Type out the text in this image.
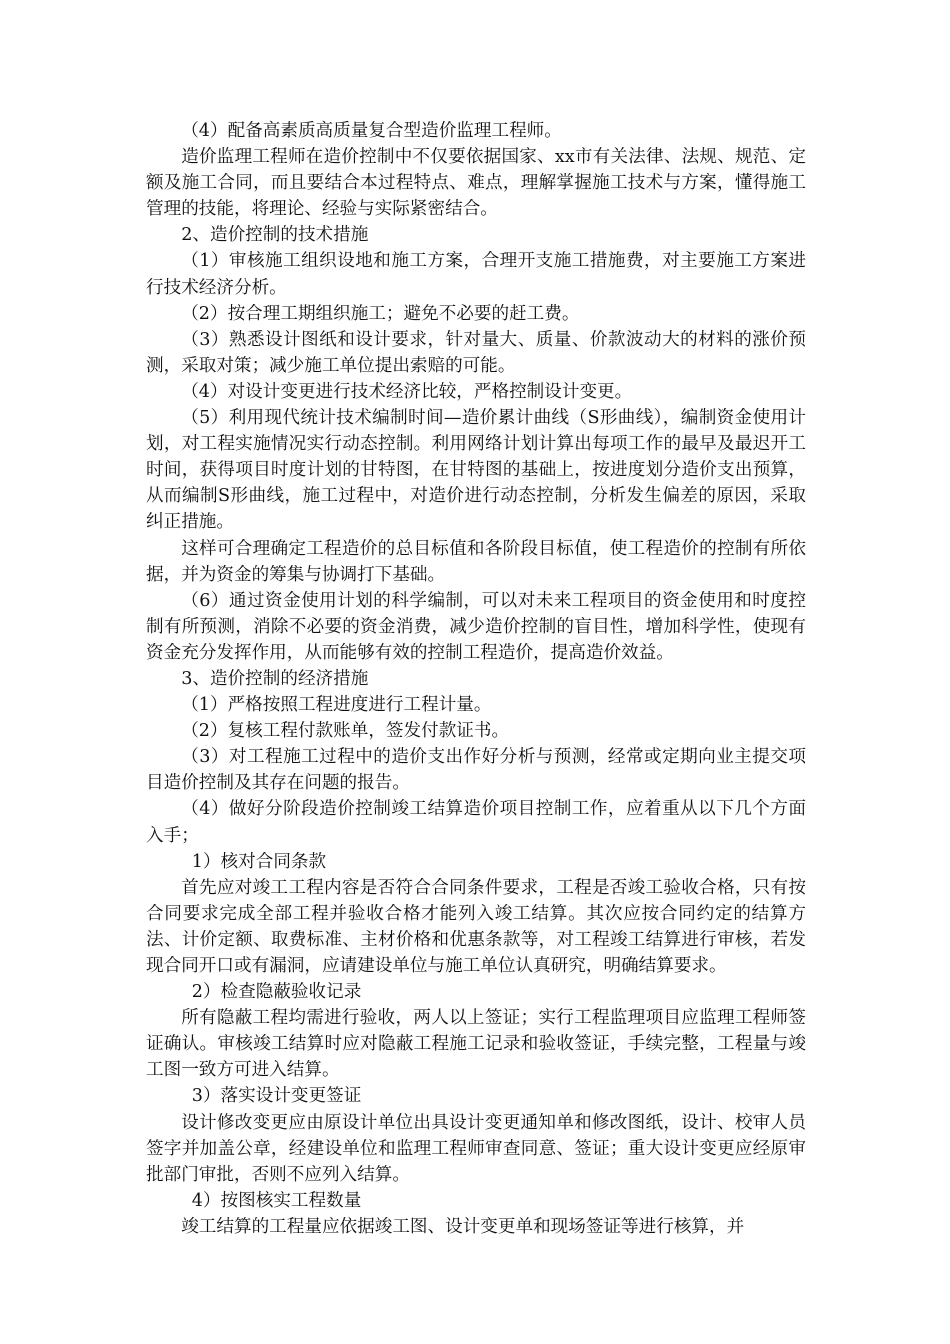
（4）配备高素质高质量复合型造价监理工程师。

造价监理工程师在造价控制中不仅要依据国家、xx市有关法律、法规、规范、定额及施工合同，而且要结合本过程特点、难点，理解掌握施工技术与方案，懂得施工管理的技能，将理论、经验与实际紧密结合。

2、造价控制的技术措施

（1）审核施工组织设地和施工方案，合理开支施工措施费，对主要施工方案进行技术经济分析。

（2）按合理工期组织施工；避免不必要的赶工费。

（3）熟悉设计图纸和设计要求，针对量大、质量、价款波动大的材料的涨价预测，采取对策；减少施工单位提出索赔的可能。

（4）对设计变更进行技术经济比较，严格控制设计变更。

（5）利用现代统计技术编制时间—造价累计曲线（S形曲线），编制资金使用计划，对工程实施情况实行动态控制。利用网络计划计算出每项工作的最早及最迟开工时间，获得项目时度计划的甘特图，在甘特图的基础上，按进度划分造价支出预算，从而编制S形曲线，施工过程中，对造价进行动态控制，分析发生偏差的原因，采取纠正措施。

这样可合理确定工程造价的总目标值和各阶段目标值，使工程造价的控制有所依据，并为资金的筹集与协调打下基础。

（6）通过资金使用计划的科学编制，可以对未来工程项目的资金使用和时度控制有所预测，消除不必要的资金消费，减少造价控制的盲目性，增加科学性，使现有资金充分发挥作用，从而能够有效的控制工程造价，提高造价效益。

3、造价控制的经济措施

（1）严格按照工程进度进行工程计量。

（2）复核工程付款账单，签发付款证书。

（3）对工程施工过程中的造价支出作好分析与预测，经常或定期向业主提交项目造价控制及其存在问题的报告。

（4）做好分阶段造价控制竣工结算造价项目控制工作，应着重从以下几个方面入手；

1）核对合同条款

首先应对竣工工程内容是否符合合同条件要求，工程是否竣工验收合格，只有按合同要求完成全部工程并验收合格才能列入竣工结算。其次应按合同约定的结算方法、计价定额、取费标准、主材价格和优惠条款等，对工程竣工结算进行审核，若发现合同开口或有漏洞，应请建设单位与施工单位认真研究，明确结算要求。

2）检查隐蔽验收记录

所有隐蔽工程均需进行验收，两人以上签证；实行工程监理项目应监理工程师签证确认。审核竣工结算时应对隐蔽工程施工记录和验收签证，手续完整，工程量与竣工图一致方可进入结算。

3）落实设计变更签证

设计修改变更应由原设计单位出具设计变更通知单和修改图纸，设计、校审人员签字并加盖公章，经建设单位和监理工程师审查同意、签证；重大设计变更应经原审批部门审批，否则不应列入结算。

4）按图核实工程数量

竣工结算的工程量应依据竣工图、设计变更单和现场签证等进行核算，并
